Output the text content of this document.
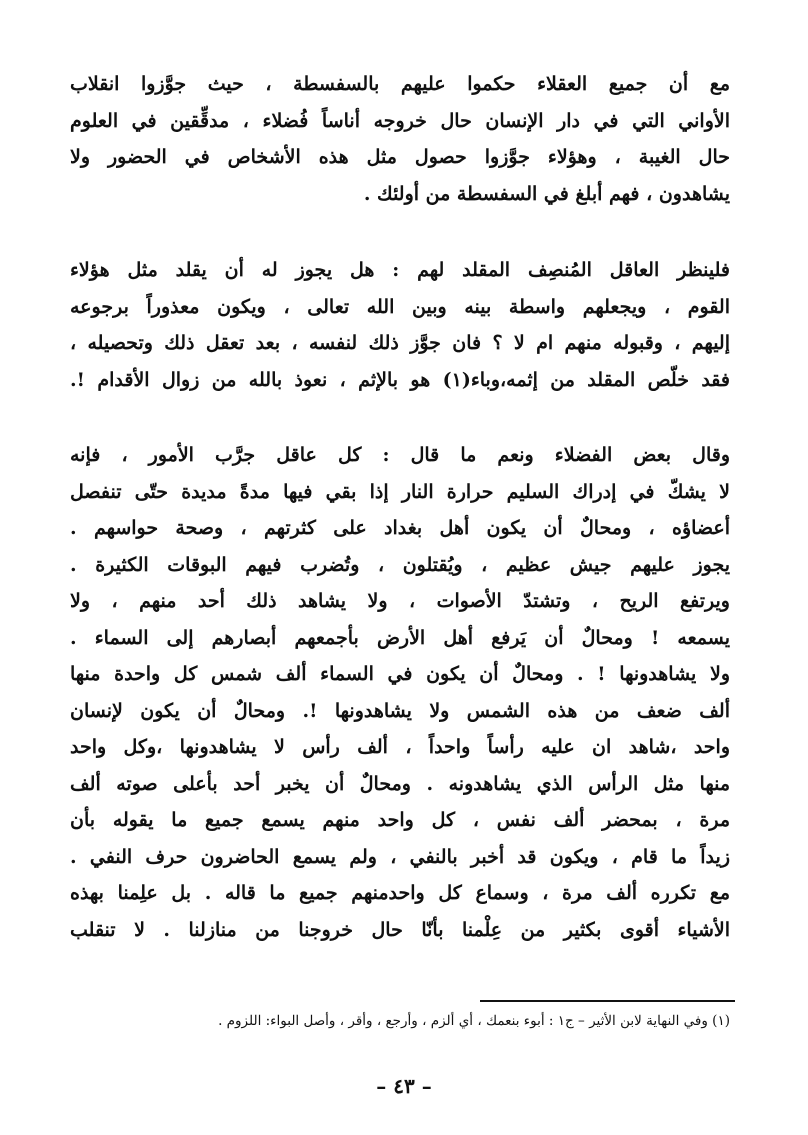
مع أن جميع العقلاء حكموا عليهم بالسفسطة ، حيث جوَّزوا انقلاب
الأواني التي في دار الإنسان حال خروجه أناساً فُضلاء ، مدقِّقين في العلوم
حال الغيبة ، وهؤلاء جوَّزوا حصول مثل هذه الأشخاص في الحضور ولا
يشاهدون ، فهم أبلغ في السفسطة من أولئك .
فلينظر العاقل المُنصِف المقلد لهم : هل يجوز له أن يقلد مثل هؤلاء
القوم ، ويجعلهم واسطة بينه وبين الله تعالى ، ويكون معذوراً برجوعه
إليهم ، وقبوله منهم ام لا ؟ فان جوَّز ذلك لنفسه ، بعد تعقل ذلك وتحصيله ،
فقد خلّص المقلد من إثمه،وباء(١) هو بالإثم ، نعوذ بالله من زوال الأقدام !.
وقال بعض الفضلاء ونعم ما قال : كل عاقل جرَّب الأمور ، فإنه
لا يشكّ في إدراك السليم حرارة النار إذا بقي فيها مدةً مديدة حتّى تنفصل
أعضاؤه ، ومحالٌ أن يكون أهل بغداد على كثرتهم ، وصحة حواسهم .
يجوز عليهم جيش عظيم ، ويُقتلون ، وتُضرب فيهم البوقات الكثيرة .
ويرتفع الريح ، وتشتدّ الأصوات ، ولا يشاهد ذلك أحد منهم ، ولا
يسمعه ! ومحالٌ أن يَرفع أهل الأرض بأجمعهم أبصارهم إلى السماء .
ولا يشاهدونها ! . ومحالٌ أن يكون في السماء ألف شمس كل واحدة منها
ألف ضعف من هذه الشمس ولا يشاهدونها !. ومحالٌ أن يكون لإنسان
واحد ،شاهد ان عليه رأساً واحداً ، ألف رأس لا يشاهدونها ،وكل واحد
منها مثل الرأس الذي يشاهدونه . ومحالٌ أن يخبر أحد بأعلى صوته ألف
مرة ، بمحضر ألف نفس ، كل واحد منهم يسمع جميع ما يقوله بأن
زيداً ما قام ، ويكون قد أخبر بالنفي ، ولم يسمع الحاضرون حرف النفي .
مع تكرره ألف مرة ، وسماع كل واحدمنهم جميع ما قاله . بل علِمنا بهذه
الأشياء أقوى بكثير من عِلْمنا بأنّا حال خروجنا من منازلنا . لا تنقلب
(١) وفي النهاية لابن الأثير – ج١ : أبوء بنعمك ، أي ألزم ، وأرجع ، وأقر ، وأصل البواء: اللزوم .
– ٤٣ –
